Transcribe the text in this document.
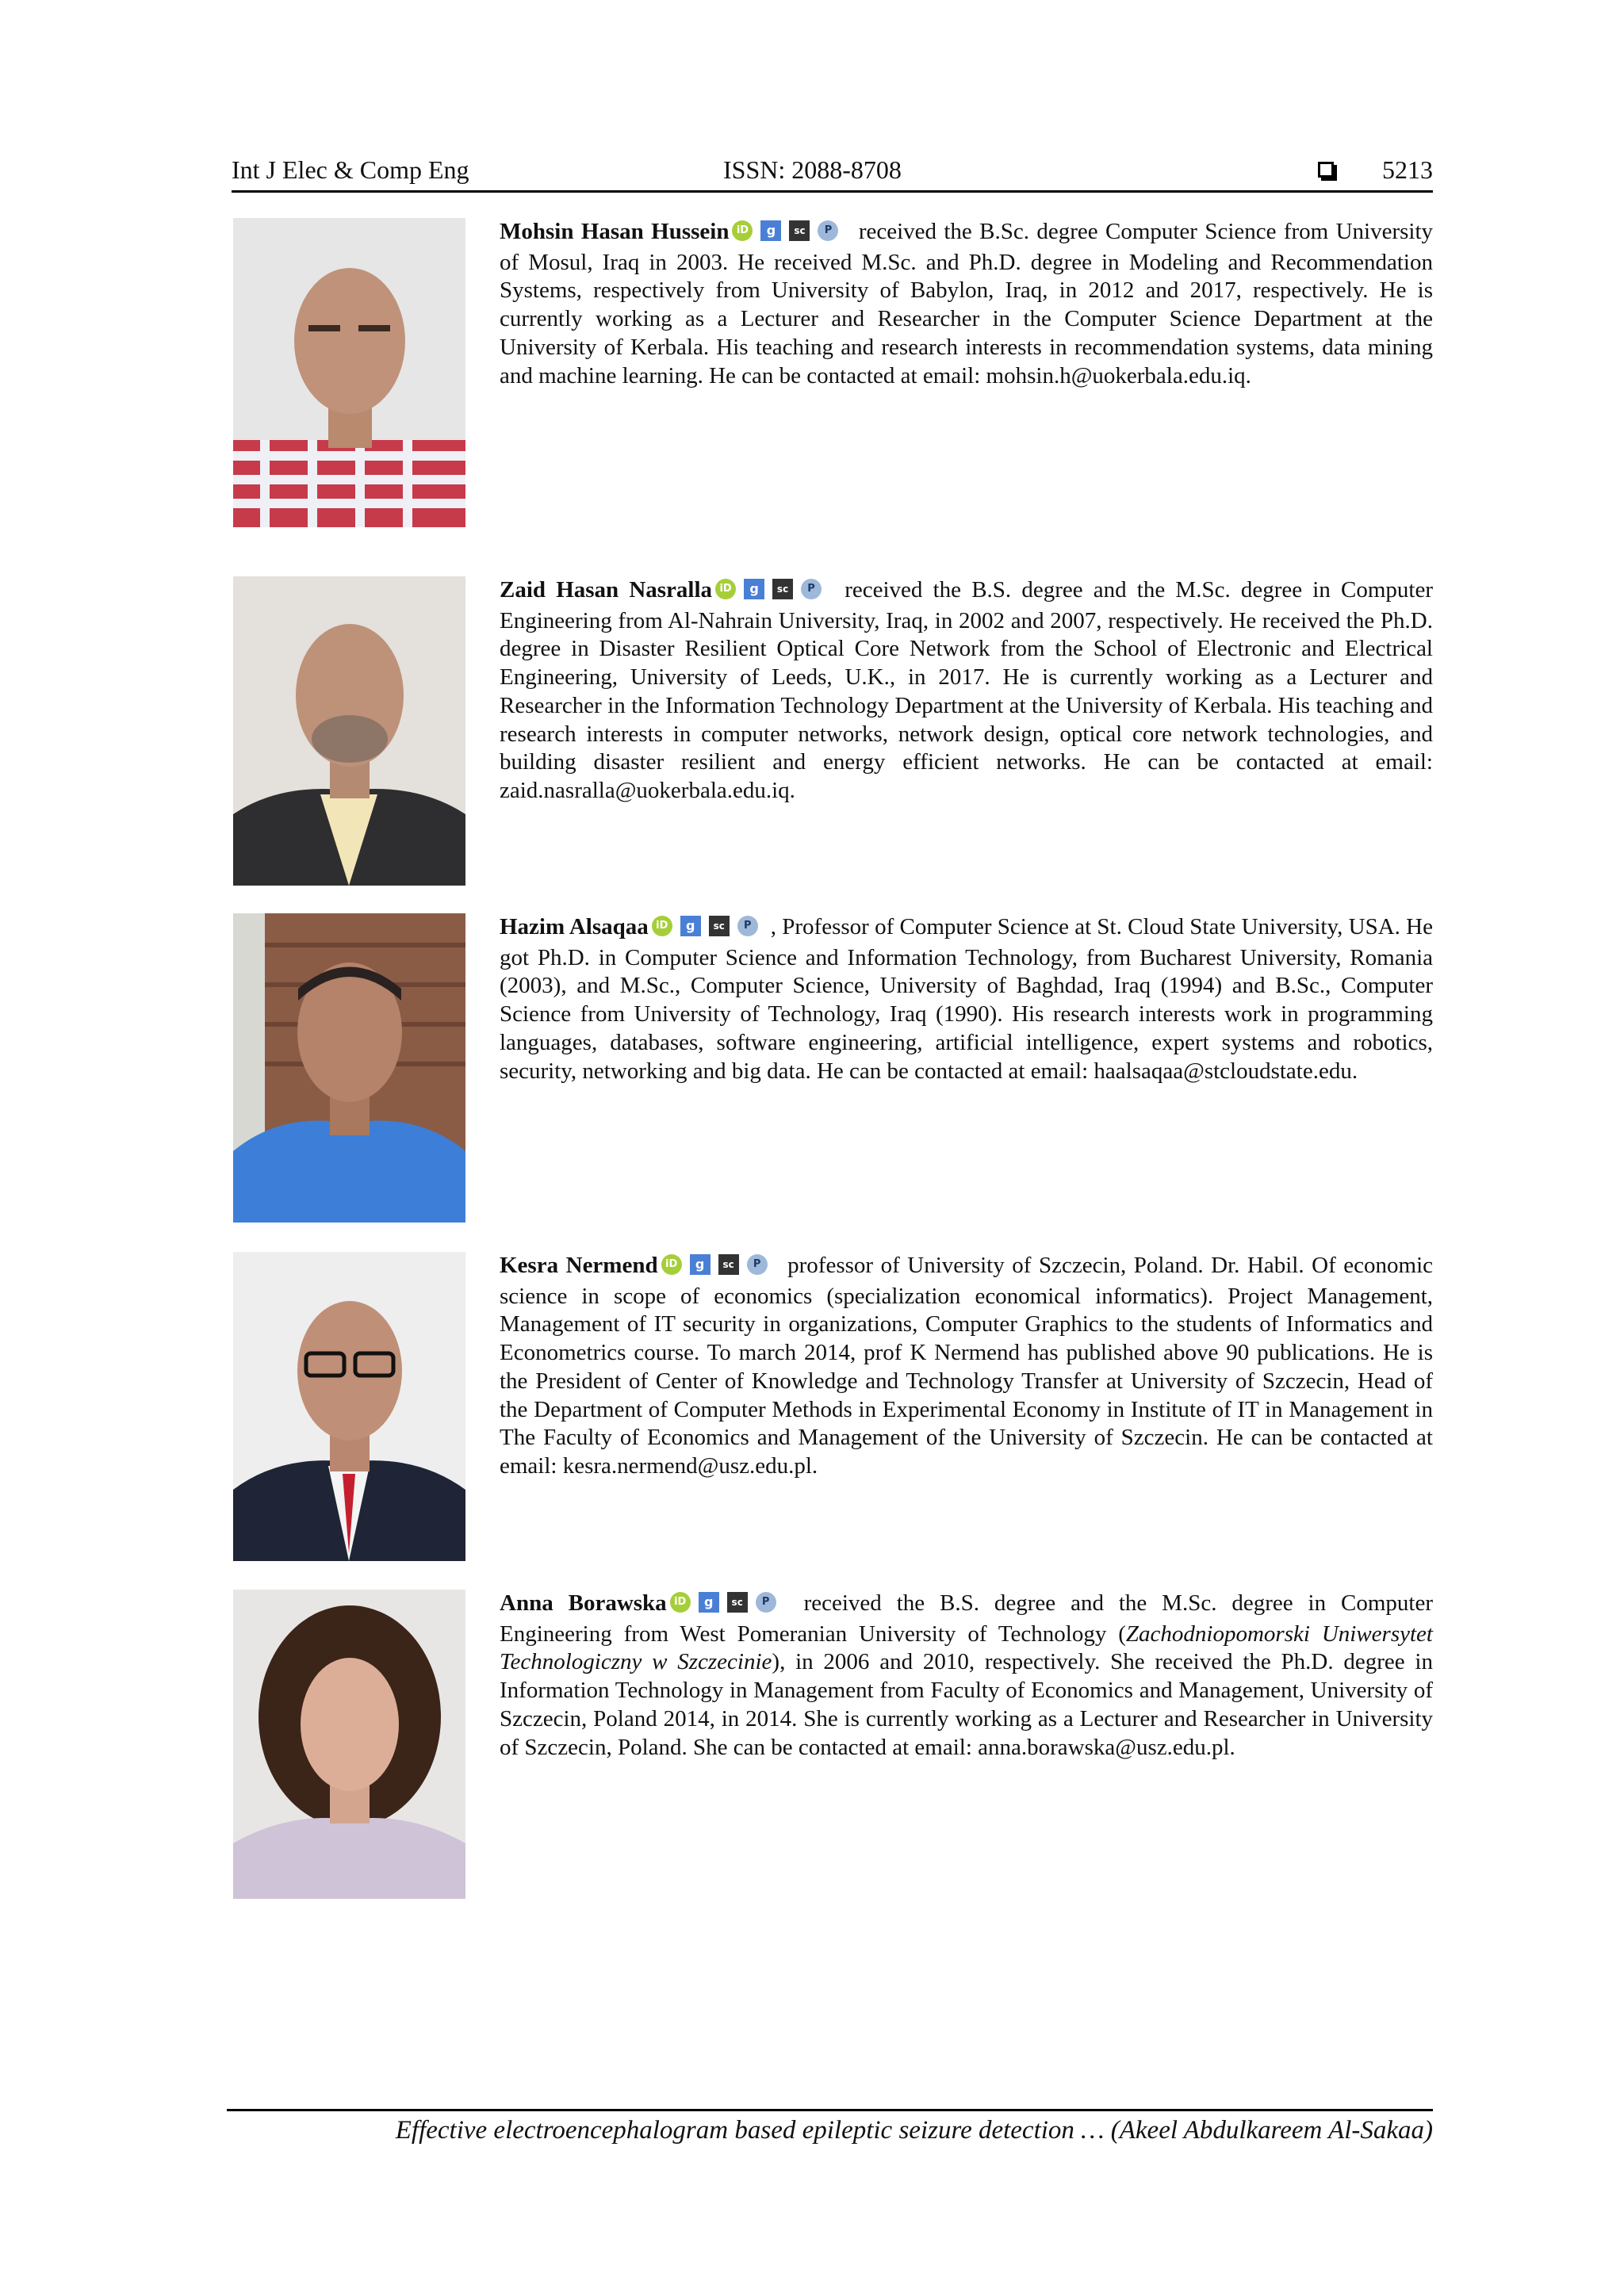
Int J Elec & Comp Eng	ISSN: 2088-8708	5213
Mohsin Hasan Hussein iD g sc P received the B.Sc. degree Computer Science from University of Mosul, Iraq in 2003. He received M.Sc. and Ph.D. degree in Modeling and Recommendation Systems, respectively from University of Babylon, Iraq, in 2012 and 2017, respectively. He is currently working as a Lecturer and Researcher in the Computer Science Department at the University of Kerbala. His teaching and research interests in recommendation systems, data mining and machine learning. He can be contacted at email: mohsin.h@uokerbala.edu.iq.
Zaid Hasan Nasralla iD g sc P received the B.S. degree and the M.Sc. degree in Computer Engineering from Al-Nahrain University, Iraq, in 2002 and 2007, respectively. He received the Ph.D. degree in Disaster Resilient Optical Core Network from the School of Electronic and Electrical Engineering, University of Leeds, U.K., in 2017. He is currently working as a Lecturer and Researcher in the Information Technology Department at the University of Kerbala. His teaching and research interests in computer networks, network design, optical core network technologies, and building disaster resilient and energy efficient networks. He can be contacted at email: zaid.nasralla@uokerbala.edu.iq.
Hazim Alsaqaa iD g sc P , Professor of Computer Science at St. Cloud State University, USA. He got Ph.D. in Computer Science and Information Technology, from Bucharest University, Romania (2003), and M.Sc., Computer Science, University of Baghdad, Iraq (1994) and B.Sc., Computer Science from University of Technology, Iraq (1990). His research interests work in programming languages, databases, software engineering, artificial intelligence, expert systems and robotics, security, networking and big data. He can be contacted at email: haalsaqaa@stcloudstate.edu.
Kesra Nermend iD g sc P professor of University of Szczecin, Poland. Dr. Habil. Of economic science in scope of economics (specialization economical informatics). Project Management, Management of IT security in organizations, Computer Graphics to the students of Informatics and Econometrics course. To march 2014, prof K Nermend has published above 90 publications. He is the President of Center of Knowledge and Technology Transfer at University of Szczecin, Head of the Department of Computer Methods in Experimental Economy in Institute of IT in Management in The Faculty of Economics and Management of the University of Szczecin. He can be contacted at email: kesra.nermend@usz.edu.pl.
Anna Borawska iD g sc P received the B.S. degree and the M.Sc. degree in Computer Engineering from West Pomeranian University of Technology (Zachodniopomorski Uniwersytet Technologiczny w Szczecinie), in 2006 and 2010, respectively. She received the Ph.D. degree in Information Technology in Management from Faculty of Economics and Management, University of Szczecin, Poland 2014, in 2014. She is currently working as a Lecturer and Researcher in University of Szczecin, Poland. She can be contacted at email: anna.borawska@usz.edu.pl.
Effective electroencephalogram based epileptic seizure detection … (Akeel Abdulkareem Al-Sakaa)
